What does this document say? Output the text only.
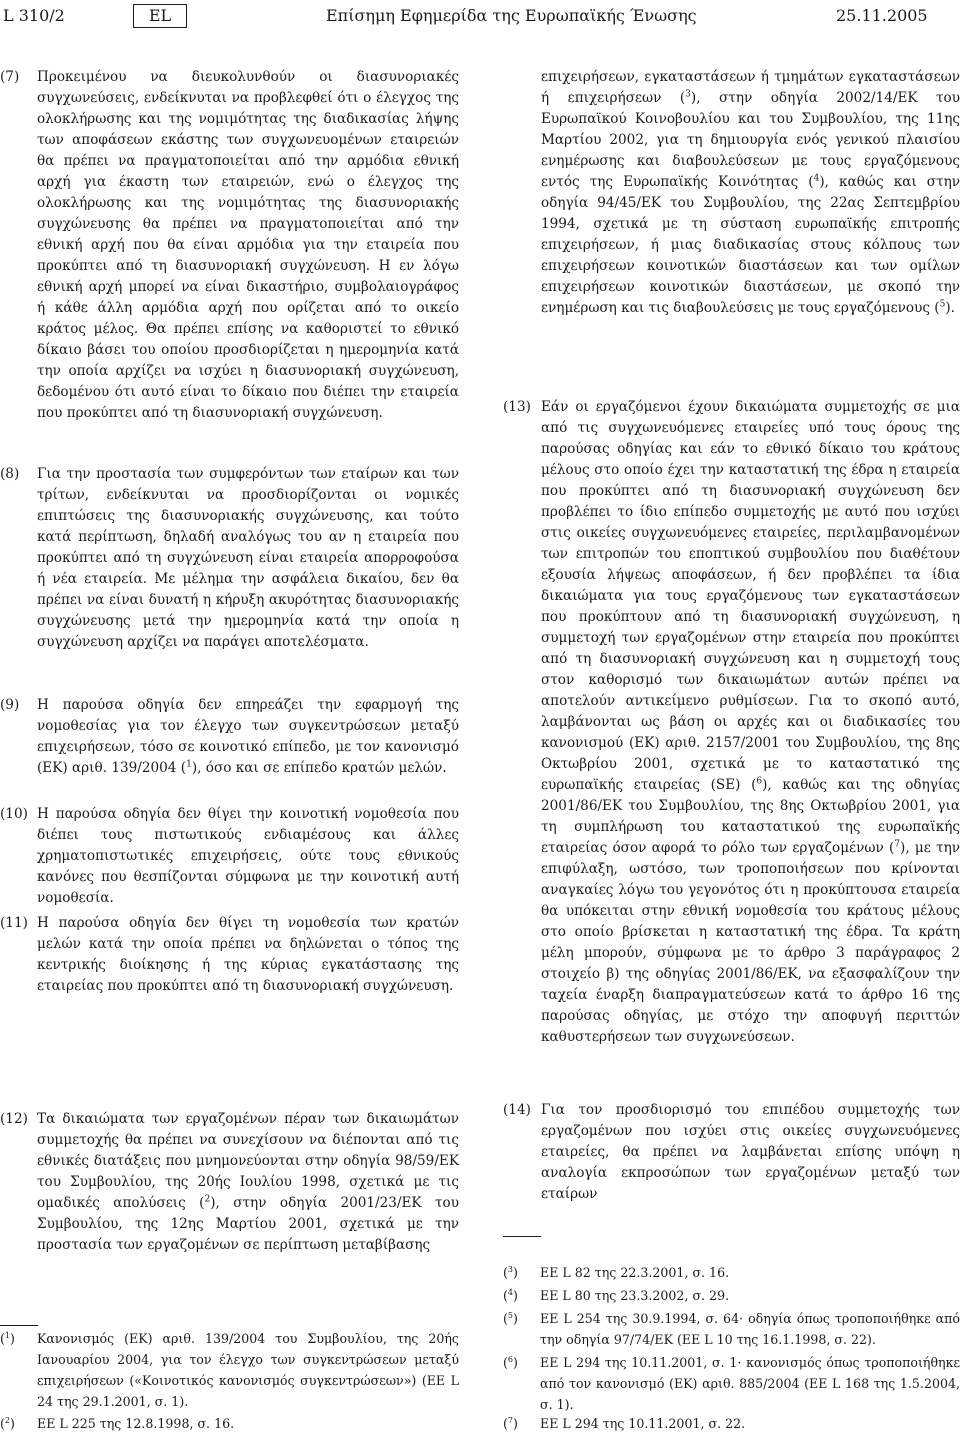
L 310/2	EL	Επίσημη Εφημερίδα της Ευρωπαϊκής Ένωσης	25.11.2005
(7) Προκειμένου να διευκολυνθούν οι διασυνοριακές συγχωνεύσεις, ενδείκνυται να προβλεφθεί ότι ο έλεγχος της ολοκλήρωσης και της νομιμότητας της διαδικασίας λήψης των αποφάσεων εκάστης των συγχωνευομένων εταιρειών θα πρέπει να πραγματοποιείται από την αρμόδια εθνική αρχή για έκαστη των εταιρειών, ενώ ο έλεγχος της ολοκλήρωσης και της νομιμότητας της διασυνοριακής συγχώνευσης θα πρέπει να πραγματοποιείται από την εθνική αρχή που θα είναι αρμόδια για την εταιρεία που προκύπτει από τη διασυνοριακή συγχώνευση. Η εν λόγω εθνική αρχή μπορεί να είναι δικαστήριο, συμβολαιογράφος ή κάθε άλλη αρμόδια αρχή που ορίζεται από το οικείο κράτος μέλος. Θα πρέπει επίσης να καθοριστεί το εθνικό δίκαιο βάσει του οποίου προσδιορίζεται η ημερομηνία κατά την οποία αρχίζει να ισχύει η διασυνοριακή συγχώνευση, δεδομένου ότι αυτό είναι το δίκαιο που διέπει την εταιρεία που προκύπτει από τη διασυνοριακή συγχώνευση.
(8) Για την προστασία των συμφερόντων των εταίρων και των τρίτων, ενδείκνυται να προσδιορίζονται οι νομικές επιπτώσεις της διασυνοριακής συγχώνευσης, και τούτο κατά περίπτωση, δηλαδή αναλόγως του αν η εταιρεία που προκύπτει από τη συγχώνευση είναι εταιρεία απορροφούσα ή νέα εταιρεία. Με μέλημα την ασφάλεια δικαίου, δεν θα πρέπει να είναι δυνατή η κήρυξη ακυρότητας διασυνοριακής συγχώνευσης μετά την ημερομηνία κατά την οποία η συγχώνευση αρχίζει να παράγει αποτελέσματα.
(9) Η παρούσα οδηγία δεν επηρεάζει την εφαρμογή της νομοθεσίας για τον έλεγχο των συγκεντρώσεων μεταξύ επιχειρήσεων, τόσο σε κοινοτικό επίπεδο, με τον κανονισμό (ΕΚ) αριθ. 139/2004 ($^1$), όσο και σε επίπεδο κρατών μελών.
(10) Η παρούσα οδηγία δεν θίγει την κοινοτική νομοθεσία που διέπει τους πιστωτικούς ενδιαμέσους και άλλες χρηματοπιστωτικές επιχειρήσεις, ούτε τους εθνικούς κανόνες που θεσπίζονται σύμφωνα με την κοινοτική αυτή νομοθεσία.
(11) Η παρούσα οδηγία δεν θίγει τη νομοθεσία των κρατών μελών κατά την οποία πρέπει να δηλώνεται ο τόπος της κεντρικής διοίκησης ή της κύριας εγκατάστασης της εταιρείας που προκύπτει από τη διασυνοριακή συγχώνευση.
(12) Τα δικαιώματα των εργαζομένων πέραν των δικαιωμάτων συμμετοχής θα πρέπει να συνεχίσουν να διέπονται από τις εθνικές διατάξεις που μνημονεύονται στην οδηγία 98/59/ΕΚ του Συμβουλίου, της 20ής Ιουλίου 1998, σχετικά με τις ομαδικές απολύσεις ($^2$), στην οδηγία 2001/23/ΕΚ του Συμβουλίου, της 12ης Μαρτίου 2001, σχετικά με την προστασία των εργαζομένων σε περίπτωση μεταβίβασης
επιχειρήσεων, εγκαταστάσεων ή τμημάτων εγκαταστάσεων ή επιχειρήσεων ($^3$), στην οδηγία 2002/14/ΕΚ του Ευρωπαϊκού Κοινοβουλίου και του Συμβουλίου, της 11ης Μαρτίου 2002, για τη δημιουργία ενός γενικού πλαισίου ενημέρωσης και διαβουλεύσεων με τους εργαζόμενους εντός της Ευρωπαϊκής Κοινότητας ($^4$), καθώς και στην οδηγία 94/45/ΕΚ του Συμβουλίου, της 22ας Σεπτεμβρίου 1994, σχετικά με τη σύσταση ευρωπαϊκής επιτροπής επιχειρήσεων, ή μιας διαδικασίας στους κόλπους των επιχειρήσεων κοινοτικών διαστάσεων και των ομίλων επιχειρήσεων κοινοτικών διαστάσεων, με σκοπό την ενημέρωση και τις διαβουλεύσεις με τους εργαζόμενους ($^5$).
(13) Εάν οι εργαζόμενοι έχουν δικαιώματα συμμετοχής σε μια από τις συγχωνευόμενες εταιρείες υπό τους όρους της παρούσας οδηγίας και εάν το εθνικό δίκαιο του κράτους μέλους στο οποίο έχει την καταστατική της έδρα η εταιρεία που προκύπτει από τη διασυνοριακή συγχώνευση δεν προβλέπει το ίδιο επίπεδο συμμετοχής με αυτό που ισχύει στις οικείες συγχωνευόμενες εταιρείες, περιλαμβανομένων των επιτροπών του εποπτικού συμβουλίου που διαθέτουν εξουσία λήψεως αποφάσεων, ή δεν προβλέπει τα ίδια δικαιώματα για τους εργαζόμενους των εγκαταστάσεων που προκύπτουν από τη διασυνοριακή συγχώνευση, η συμμετοχή των εργαζομένων στην εταιρεία που προκύπτει από τη διασυνοριακή συγχώνευση και η συμμετοχή τους στον καθορισμό των δικαιωμάτων αυτών πρέπει να αποτελούν αντικείμενο ρυθμίσεων. Για το σκοπό αυτό, λαμβάνονται ως βάση οι αρχές και οι διαδικασίες του κανονισμού (ΕΚ) αριθ. 2157/2001 του Συμβουλίου, της 8ης Οκτωβρίου 2001, σχετικά με το καταστατικό της ευρωπαϊκής εταιρείας (SE) ($^6$), καθώς και της οδηγίας 2001/86/ΕΚ του Συμβουλίου, της 8ης Οκτωβρίου 2001, για τη συμπλήρωση του καταστατικού της ευρωπαϊκής εταιρείας όσον αφορά το ρόλο των εργαζομένων ($^7$), με την επιφύλαξη, ωστόσο, των τροποποιήσεων που κρίνονται αναγκαίες λόγω του γεγονότος ότι η προκύπτουσα εταιρεία θα υπόκειται στην εθνική νομοθεσία του κράτους μέλους στο οποίο βρίσκεται η καταστατική της έδρα. Τα κράτη μέλη μπορούν, σύμφωνα με το άρθρο 3 παράγραφος 2 στοιχείο β) της οδηγίας 2001/86/ΕΚ, να εξασφαλίζουν την ταχεία έναρξη διαπραγματεύσεων κατά το άρθρο 16 της παρούσας οδηγίας, με στόχο την αποφυγή περιττών καθυστερήσεων των συγχωνεύσεων.
(14) Για τον προσδιορισμό του επιπέδου συμμετοχής των εργαζομένων που ισχύει στις οικείες συγχωνευόμενες εταιρείες, θα πρέπει να λαμβάνεται επίσης υπόψη η αναλογία εκπροσώπων των εργαζομένων μεταξύ των εταίρων
($^1$) Κανονισμός (ΕΚ) αριθ. 139/2004 του Συμβουλίου, της 20ής Ιανουαρίου 2004, για τον έλεγχο των συγκεντρώσεων μεταξύ επιχειρήσεων («Κοινοτικός κανονισμός συγκεντρώσεων») (ΕΕ L 24 της 29.1.2001, σ. 1).
($^2$) ΕΕ L 225 της 12.8.1998, σ. 16.
($^3$) ΕΕ L 82 της 22.3.2001, σ. 16.
($^4$) ΕΕ L 80 της 23.3.2002, σ. 29.
($^5$) ΕΕ L 254 της 30.9.1994, σ. 64· οδηγία όπως τροποποιήθηκε από την οδηγία 97/74/ΕΚ (ΕΕ L 10 της 16.1.1998, σ. 22).
($^6$) ΕΕ L 294 της 10.11.2001, σ. 1· κανονισμός όπως τροποποιήθηκε από τον κανονισμό (ΕΚ) αριθ. 885/2004 (ΕΕ L 168 της 1.5.2004, σ. 1).
($^7$) ΕΕ L 294 της 10.11.2001, σ. 22.
